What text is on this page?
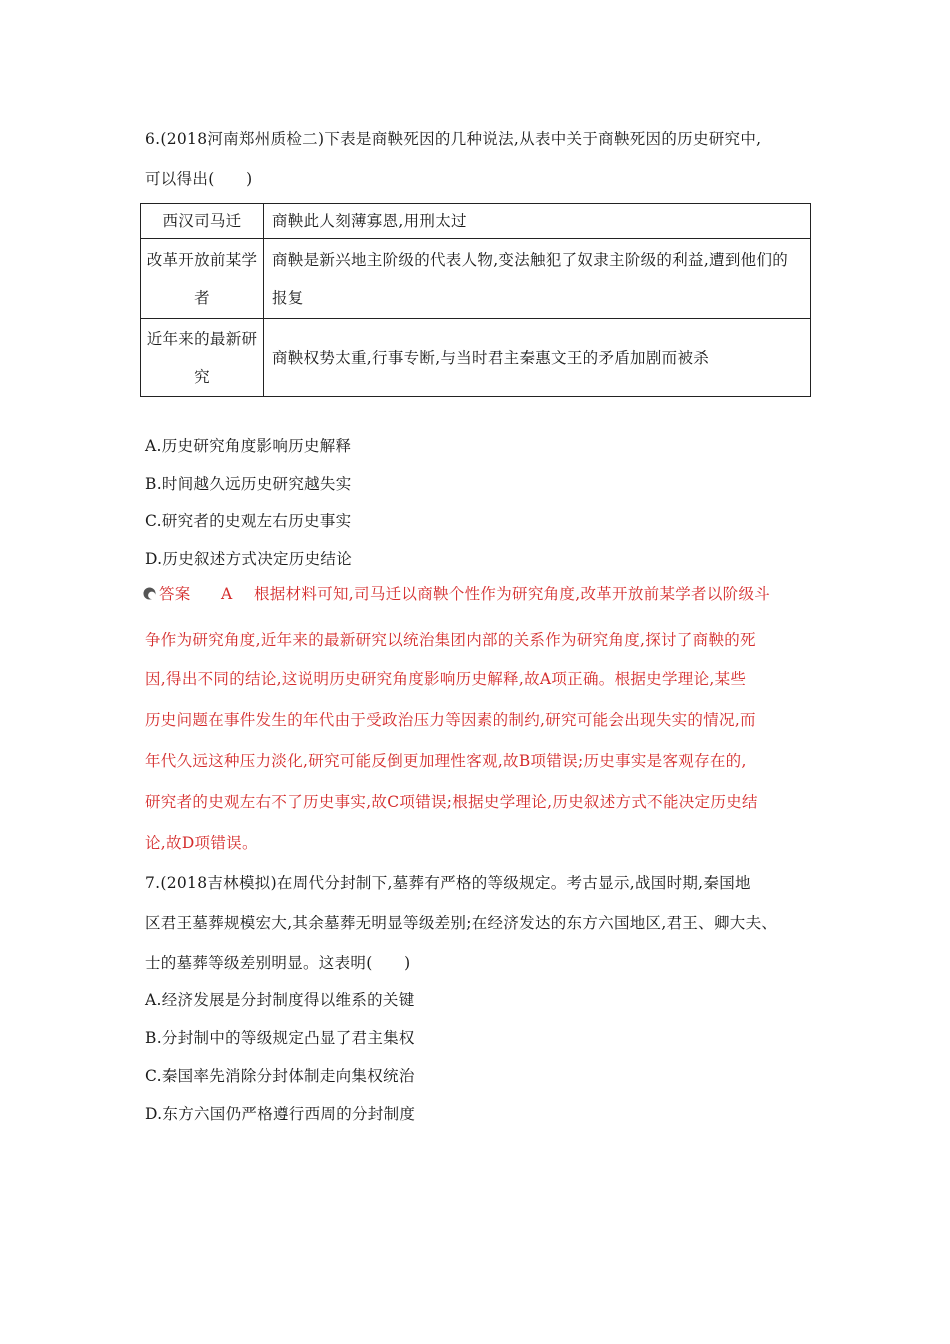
6.(2018河南郑州质检二)下表是商鞅死因的几种说法,从表中关于商鞅死因的历史研究中,
可以得出(　　)
西汉司马迁	商鞅此人刻薄寡恩,用刑太过
改革开放前某学者	商鞅是新兴地主阶级的代表人物,变法触犯了奴隶主阶级的利益,遭到他们的报复
近年来的最新研究	商鞅权势太重,行事专断,与当时君主秦惠文王的矛盾加剧而被杀
A.历史研究角度影响历史解释
B.时间越久远历史研究越失实
C.研究者的史观左右历史事实
D.历史叙述方式决定历史结论
答案 A 根据材料可知,司马迁以商鞅个性作为研究角度,改革开放前某学者以阶级斗
争作为研究角度,近年来的最新研究以统治集团内部的关系作为研究角度,探讨了商鞅的死
因,得出不同的结论,这说明历史研究角度影响历史解释,故A项正确。根据史学理论,某些
历史问题在事件发生的年代由于受政治压力等因素的制约,研究可能会出现失实的情况,而
年代久远这种压力淡化,研究可能反倒更加理性客观,故B项错误;历史事实是客观存在的,
研究者的史观左右不了历史事实,故C项错误;根据史学理论,历史叙述方式不能决定历史结
论,故D项错误。
7.(2018吉林模拟)在周代分封制下,墓葬有严格的等级规定。考古显示,战国时期,秦国地
区君王墓葬规模宏大,其余墓葬无明显等级差别;在经济发达的东方六国地区,君王、卿大夫、
士的墓葬等级差别明显。这表明(　　)
A.经济发展是分封制度得以维系的关键
B.分封制中的等级规定凸显了君主集权
C.秦国率先消除分封体制走向集权统治
D.东方六国仍严格遵行西周的分封制度
